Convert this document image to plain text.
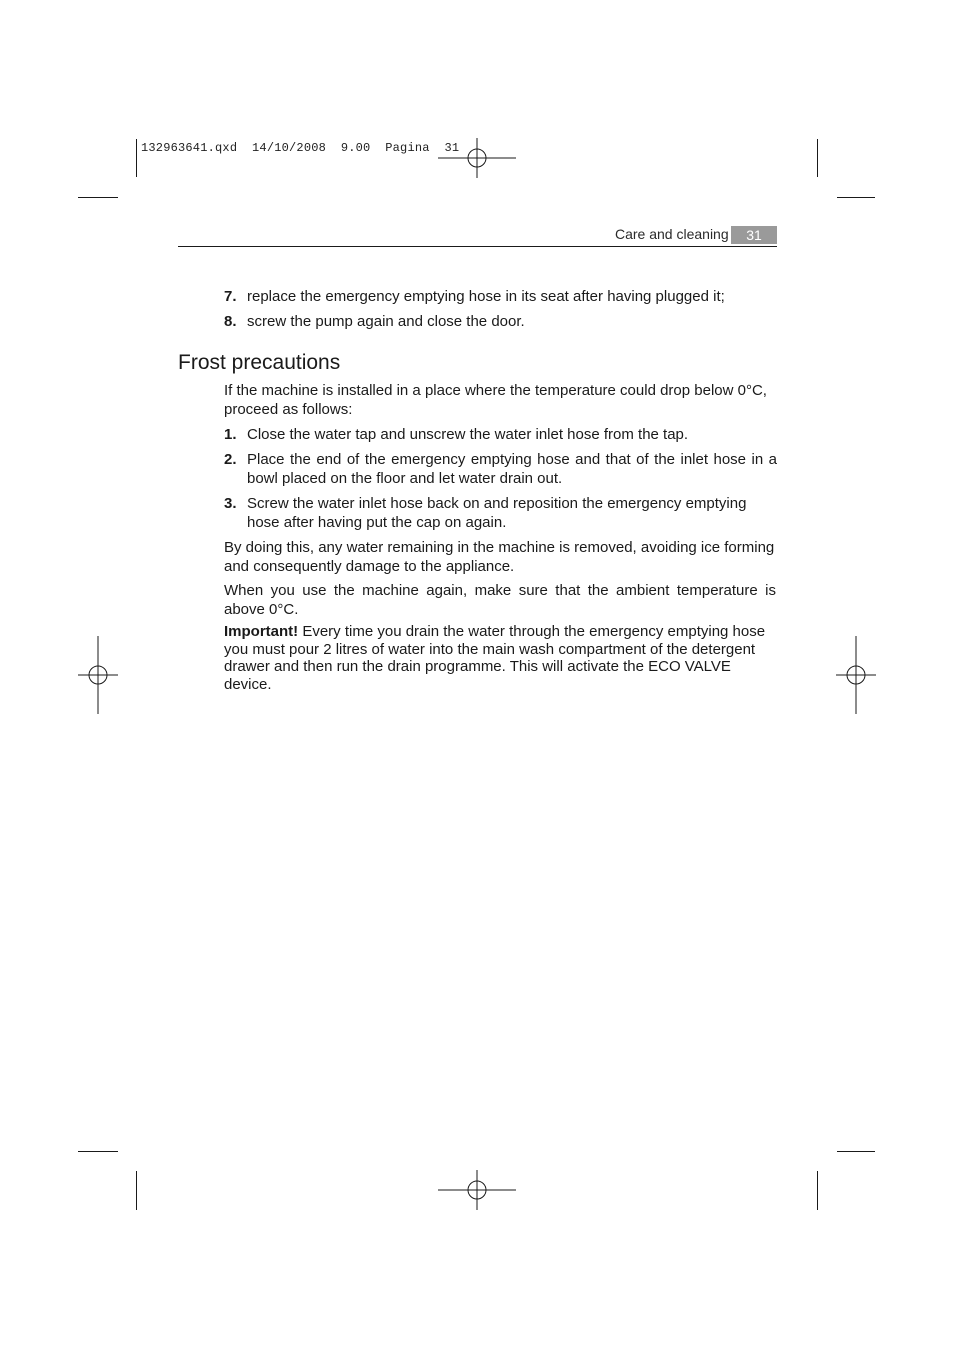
132963641.qxd  14/10/2008  9.00  Pagina  31
Care and cleaning	31
7. replace the emergency emptying hose in its seat after having plugged it;
8. screw the pump again and close the door.
Frost precautions
If the machine is installed in a place where the temperature could drop below 0°C, proceed as follows:
1. Close the water tap and unscrew the water inlet hose from the tap.
2. Place the end of the emergency emptying hose and that of the inlet hose in a bowl placed on the floor and let water drain out.
3. Screw the water inlet hose back on and reposition the emergency emptying hose after having put the cap on again.
By doing this, any water remaining in the machine is removed, avoiding ice forming and consequently damage to the appliance.
When you use the machine again, make sure that the ambient temperature is above 0°C.
Important! Every time you drain the water through the emergency emptying hose you must pour 2 litres of water into the main wash compartment of the detergent drawer and then run the drain programme. This will activate the ECO VALVE device.
